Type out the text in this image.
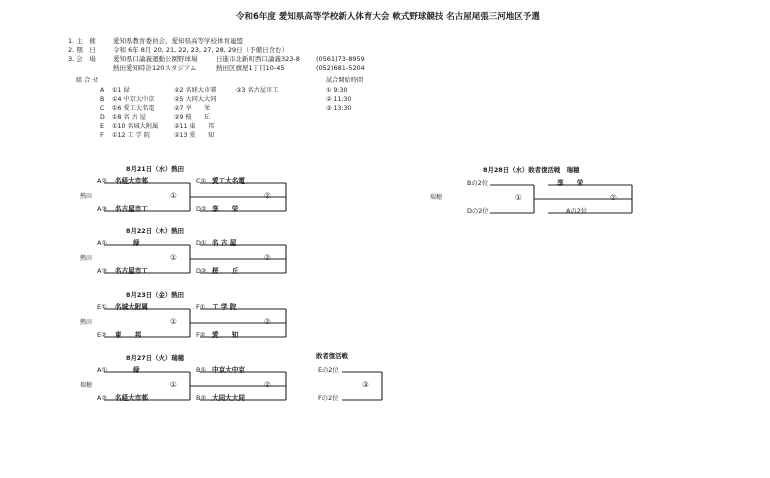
令和6年度 愛知県高等学校新人体育大会 軟式野球競技 名古屋尾張三河地区予選
1. 主　催	愛知県教育委員会、愛知県高等学校体育連盟
2. 期　日	令和 6年 8月 20, 21, 22, 23, 27, 28, 29日（予備日含む）
3. 会　場	愛知県口論義運動公園野球場	日進市北新町西口論義323-8 (0561)73-8959
熱田愛知時計120スタジアム	熱田区旗屋1丁目10-45	(052)681-5204
組 合 せ
A ①1 緑	②2 名経大市邨	③3 名古屋市工
B ①4 中京大中京	②5 大同大大同
C ①6 愛工大名電	②7 享　　栄
D ①8 名 古 屋	②9 桜　　丘
E ①10 名城大附属	②11 東　　邦
F ①12 工 学 院	②13 愛　　知
試合開始時間
① 9:30
② 11:30
③ 13:30
8月21日（水）熱田
熱田
A② 名経大市邨
A③ 名古屋市工
①
C① 愛工大名電
D② 享　　栄
②
8月22日（木）熱田
熱田
A①	緑
A③ 名古屋市工
①
D① 名 古 屋
D② 桜　　丘
②
8月23日（金）熱田
熱田
E① 名城大附属
E② 東　　邦
①
F① 工 学 院
F② 愛　　知
②
8月27日（火）瑞穂
瑞穂
A①	緑
A② 名経大市邨
①
B① 中京大中京
B② 大同大大同
②
敗者復活戦
Eの2位
Fの2位
③
8月28日（水）敗者復活戦　瑞穂
瑞穂
Bの2位
Dの2位
①
享　　栄
Aの2位
②
